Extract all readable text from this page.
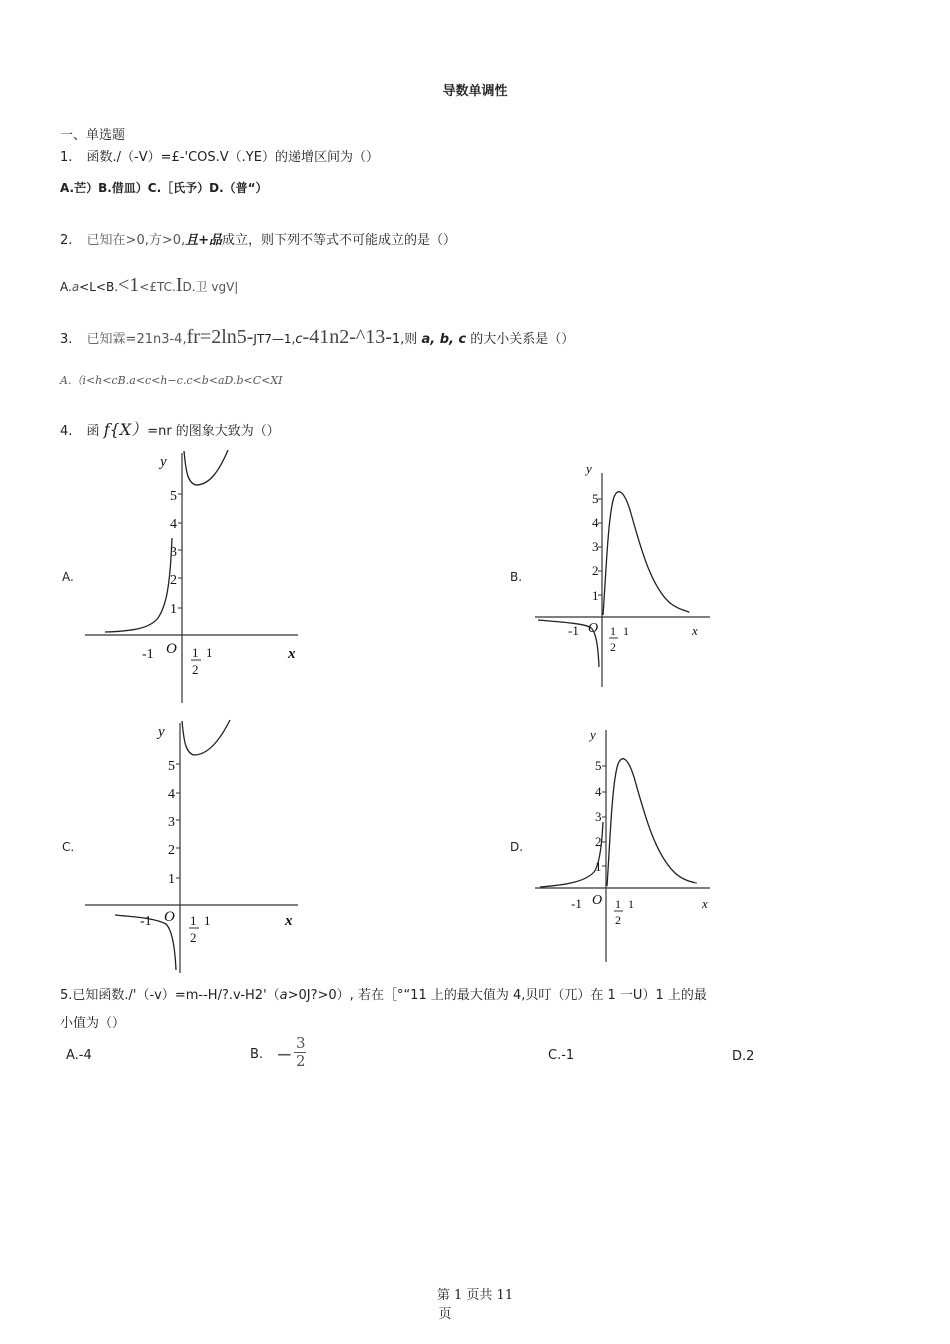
导数单调性
一、单选题
1. 函数./（-V）=£-'COS.V（.YE）的递增区间为（）
A.芒）B.借皿）C.［氏予）D.（普“）
2. 已知在>0,方>0,且+品成立，则下列不等式不可能成立的是（）
A.a<L<B.<1<£TC.ID.卫 vgV|
3. 已知霖=21n3-4,fr=2ln5-JT7—1,c-41n2-^13-1,则 a, b, c 的大小关系是（）
A.（i<h<cB.a<c<h−c.c<b<aD.b<C<XI
4. 函 f{X）=nr 的图象大致为（）
A.	B.
C.	D.
y
5
4
3
2
1
-1 O 1
2
1	x
y
5
4
3
2
1
-1 O 1
2
1	x
y
5
4
3
2
1
-1 O 1
2
1	x
y
5
4
3
2
1
-1 O 1
2
1	x
5.已知函数./'（-v）=m--H/?.v-H2'（a>0J?>0）, 若在［°“11 上的最大值为 4,贝叮（兀）在 1 一U）1 上的最
小值为（）
A.-4	B. − 3
2	C.-1	D.2
第 1 页共 11
页
